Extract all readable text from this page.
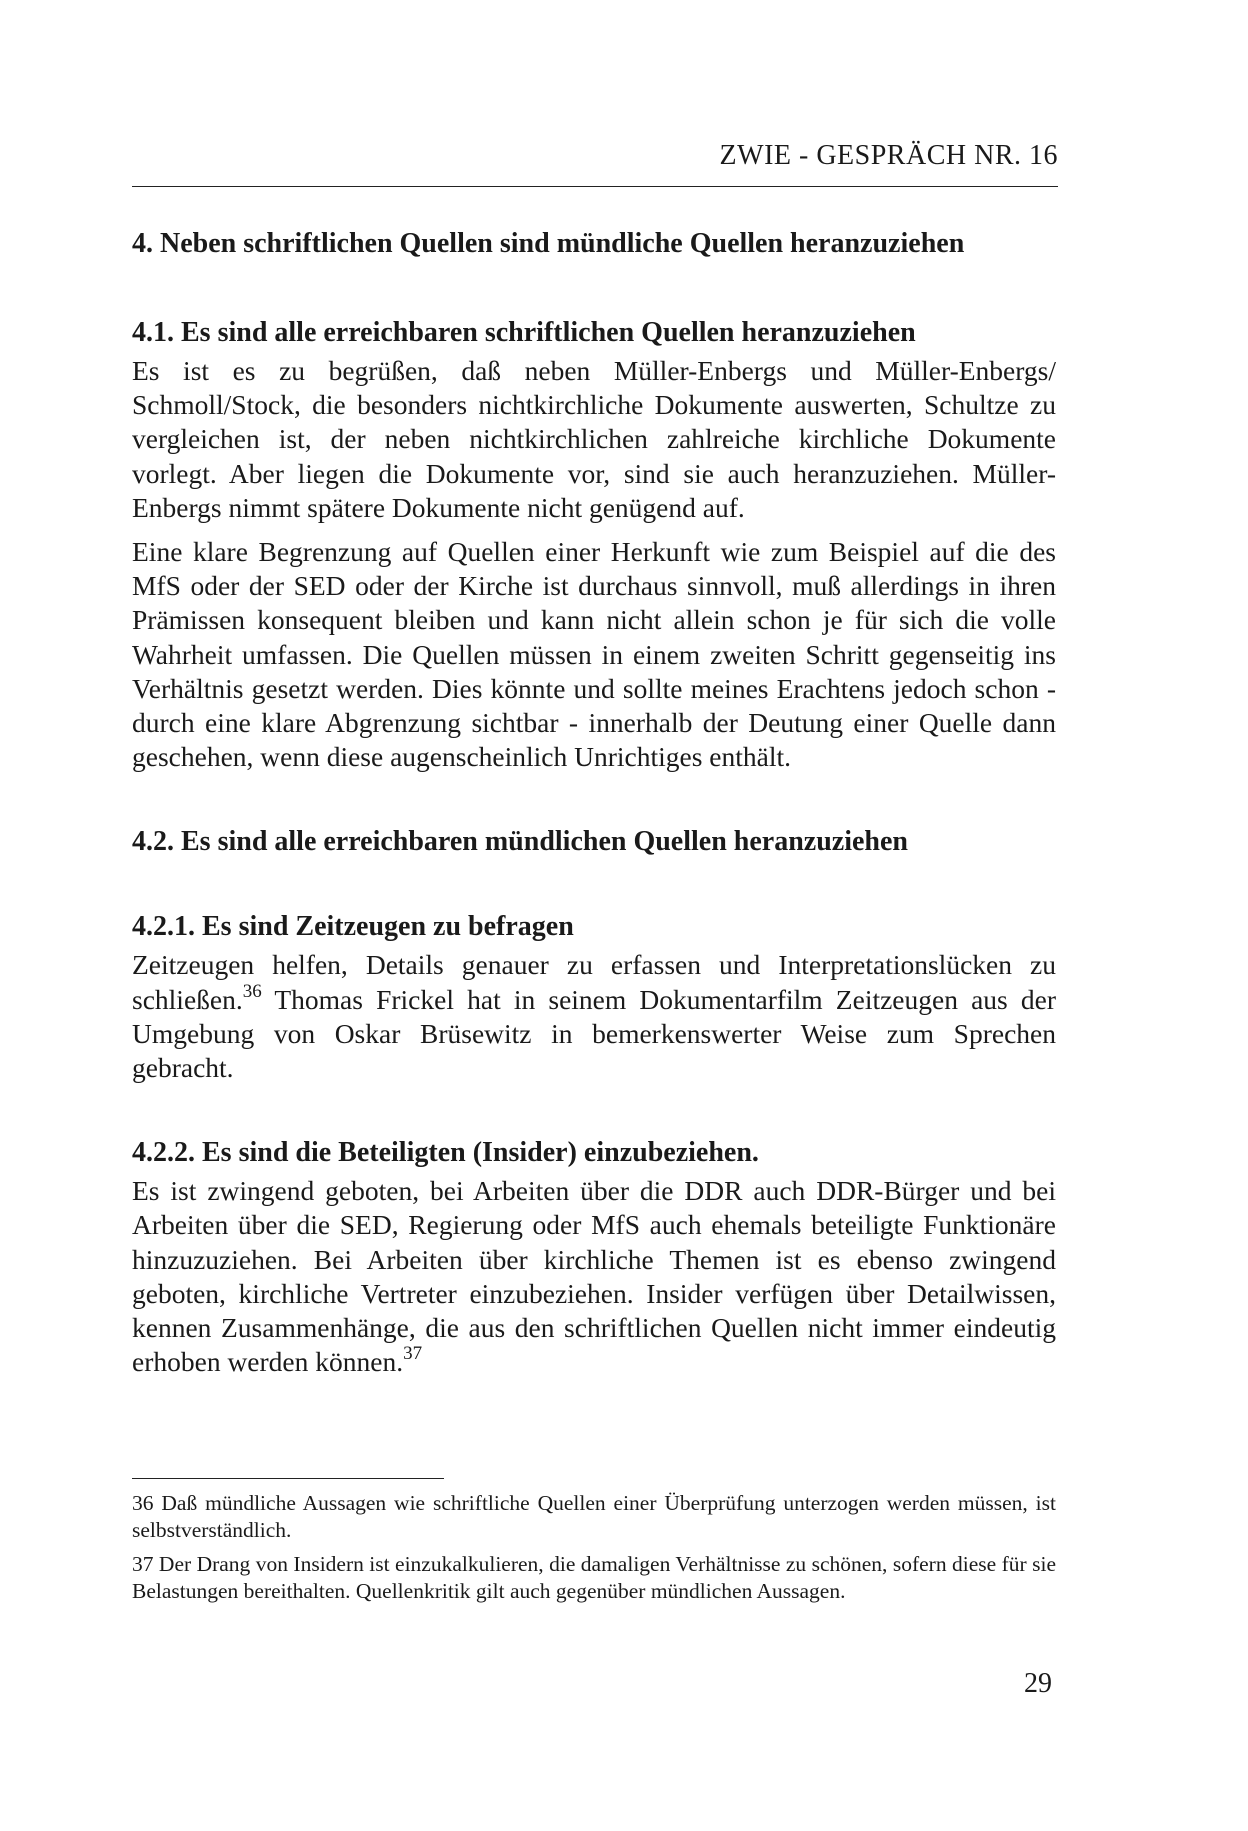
ZWIE - GESPRÄCH NR. 16
4. Neben schriftlichen Quellen sind mündliche Quellen heranzuziehen
4.1. Es sind alle erreichbaren schriftlichen Quellen heranzuziehen

Es ist es zu begrüßen, daß neben Müller-Enbergs und Müller-Enbergs/ Schmoll/Stock, die besonders nichtkirchliche Dokumente auswerten, Schultze zu vergleichen ist, der neben nichtkirchlichen zahlreiche kirchliche Dokumente vorlegt. Aber liegen die Dokumente vor, sind sie auch heranzuziehen. Müller-Enbergs nimmt spätere Dokumente nicht genügend auf.

Eine klare Begrenzung auf Quellen einer Herkunft wie zum Beispiel auf die des MfS oder der SED oder der Kirche ist durchaus sinnvoll, muß allerdings in ihren Prämissen konsequent bleiben und kann nicht allein schon je für sich die volle Wahrheit umfassen. Die Quellen müssen in einem zweiten Schritt gegenseitig ins Verhältnis gesetzt werden. Dies könnte und sollte meines Erachtens jedoch schon - durch eine klare Abgrenzung sichtbar - innerhalb der Deutung einer Quelle dann geschehen, wenn diese augenscheinlich Unrichtiges enthält.

4.2. Es sind alle erreichbaren mündlichen Quellen heranzuziehen
4.2.1. Es sind Zeitzeugen zu befragen

Zeitzeugen helfen, Details genauer zu erfassen und Interpretationslücken zu schließen.$^{36}$ Thomas Frickel hat in seinem Dokumentarfilm Zeitzeugen aus der Umgebung von Oskar Brüsewitz in bemerkenswerter Weise zum Sprechen gebracht.

4.2.2. Es sind die Beteiligten (Insider) einzubeziehen.

Es ist zwingend geboten, bei Arbeiten über die DDR auch DDR-Bürger und bei Arbeiten über die SED, Regierung oder MfS auch ehemals beteiligte Funktionäre hinzuzuziehen. Bei Arbeiten über kirchliche Themen ist es ebenso zwingend geboten, kirchliche Vertreter einzubeziehen. Insider verfügen über Detailwissen, kennen Zusammenhänge, die aus den schriftlichen Quellen nicht immer eindeutig erhoben werden können.$^{37}$

36 Daß mündliche Aussagen wie schriftliche Quellen einer Überprüfung unterzogen werden müssen, ist selbstverständlich.

37 Der Drang von Insidern ist einzukalkulieren, die damaligen Verhältnisse zu schönen, sofern diese für sie Belastungen bereithalten. Quellenkritik gilt auch gegenüber mündlichen Aussagen.

29
